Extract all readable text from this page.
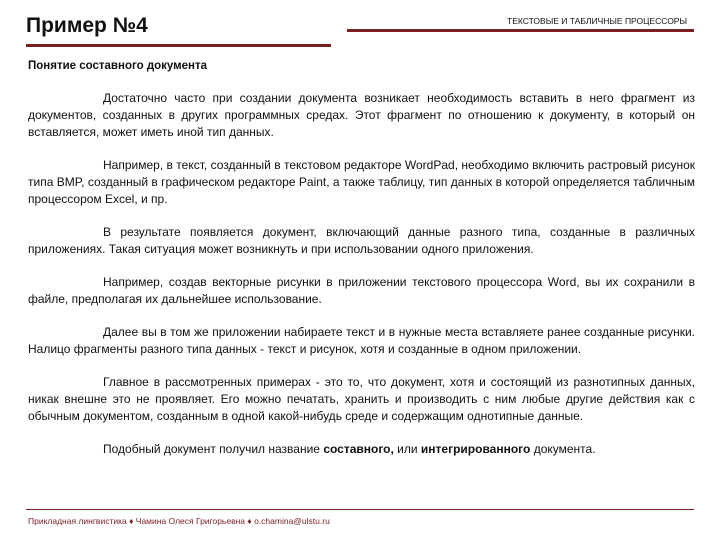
Пример №4	ТЕКСТОВЫЕ И ТАБЛИЧНЫЕ ПРОЦЕССОРЫ
Понятие составного документа

Достаточно часто при создании документа возникает необходимость вставить в него фрагмент из документов, созданных в других программных средах. Этот фрагмент по отношению к документу, в который он вставляется, может иметь иной тип данных.

Например, в текст, созданный в текстовом редакторе WordPad, необходимо включить растровый рисунок типа BMP, созданный в графическом редакторе Paint, а также таблицу, тип данных в которой определяется табличным процессором Excel, и пр.

В результате появляется документ, включающий данные разного типа, созданные в различных приложениях. Такая ситуация может возникнуть и при использовании одного приложения.

Например, создав векторные рисунки в приложении текстового процессора Word, вы их сохранили в файле, предполагая их дальнейшее использование.

Далее вы в том же приложении набираете текст и в нужные места вставляете ранее созданные рисунки. Налицо фрагменты разного типа данных - текст и рисунок, хотя и созданные в одном приложении.

Главное в рассмотренных примерах - это то, что документ, хотя и состоящий из разнотипных данных, никак внешне это не проявляет. Его можно печатать, хранить и производить с ним любые другие действия как с обычным документом, созданным в одной какой-нибудь среде и содержащим однотипные данные.

Подобный документ получил название составного, или интегрированного документа.

Прикладная лингвистика ♦ Чамина Олеся Григорьевна ♦ o.chamina@ulstu.ru
